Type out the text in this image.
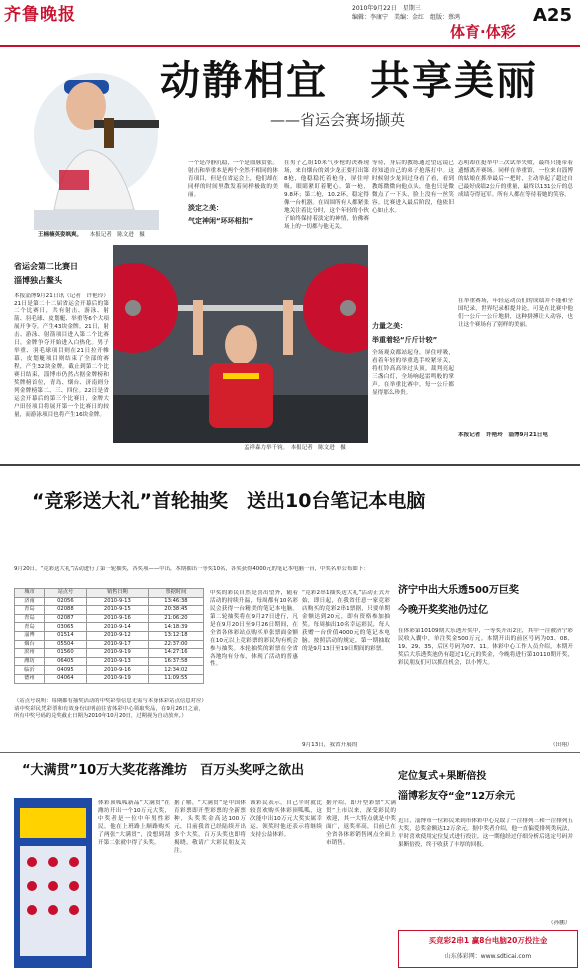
齐鲁晚报	2010年9月22日　星期三
编辑：李康宁　美编：金红　组版：蔡鸿	A25
体育·体彩
动静相宜　共享美丽
——省运会赛场撷英
王楠楠英姿飒爽。 本报记者　陈文进　摄
一个是冷静沉稳，一个是血脉贲张。射击和举重本是两个全然不相同的体育项目，但是在省运会上，他们却在同样的时间里散发着同样极致的美丽。
淡定之美：
气定神闲“环环相扣”
在男子乙组10米气步枪的决赛现场，来自烟台的刘少龙正要打出第8枪，他稳稳托着枪身，屏住呼吸，眼睛紧盯着靶心。第一枪，9.8环；第二枪，10.2环，稳定得像一台机器。在周围所有人都紧张地关注着比分时，这个年轻的小伙子始终保持着淡定的神情，仿佛赛场上的一切都与他无关。
等待，身后的教练通过望远镜已经知道自己的弟子抢落打中。这时候射少龙回过身看了看，看到教练微微向他点头，他也只是微微点了一下头，脸上没有一丝笑容。比赛进入最后阶段，他依旧心如止水。
志明却在挺举中三次试举失败，最终只能带着遗憾离开赛场。同样在举重馆，一位来自淄博的姑娘在抓举最后一把时，主动举起了超过自己最好成绩2公斤的重量，最终以131公斤的总成绩夺得冠军。所有人都在等待着她的笑容。
在举重赛场，年轻运动员们的成绩并不能和全国纪录，世界纪录相提并论，可是在比赛中他们一公斤一公斤地拼，这种拼搏让人动容，也让这个赛场有了别样的美丽。
本报记者　许艳玲　淄博9月21日电
力量之美：
举重着轻“斤斤计较”
全场观众都站起身，屏住呼吸，看着年轻的举重选手咬紧牙关，将杠铃高高举过头顶。裁判亮起三盏白灯，全场响起雷鸣般的掌声。在举重比赛中，每一公斤都显得那么珍贵。
孟祥森力举千钧。　本报记者　陈文进　摄
省运会第二比赛日
淄博独占鳌头
本报淄博9月21日讯（记者　许艳玲）21日是第二十二届省运会开幕后的第二个比赛日，共有射击、游泳、射箭、羽毛球、皮划艇、举重等6个大项展开争夺，产生43块金牌。21日，射击、游泳、射箭项目进入第二个比赛日，金牌争夺开始进入白热化。男子举重、羽毛球项目则在21日拉开帷幕，皮划艇项目则结束了全部的赛程，产生32块金牌。截止到第二个比赛日结束，淄博市仍然占据金牌榜和奖牌榜首位，青岛、烟台、济南则分列金牌榜第二、三、四位。22日是省运会开幕后的第三个比赛日，金牌大户田径项目将展开第一个比赛日的较量，而游泳项目也将产生16块金牌。
“竞彩送大礼”首轮抽奖　送出10台笔记本电脑
9月20日，“竞彩送大礼”活动进行了第一轮抽奖，各奖项——中出，本期抽出一等奖10名，各奖获得4000元的笔记本电脑一台，中奖名单公布如下：
城市	站点号	销售日期	票据时间
济南	02056	2010-9-13	13:46:38
青岛	02088	2010-9-15	20:38:45
青岛	02087	2010-9-16	21:06:20
青岛	03065	2010-9-14	14:18:39
淄博	01514	2010-9-12	13:12:18
烟台	05504	2010-9-17	22:37:00
滨州	01560	2010-9-19	14:27:16
潍坊	06405	2010-9-13	16:37:58
临沂	04095	2010-9-16	12:34:02
德州	04064	2010-9-19	11:09:55
（站点号说明：每期都有抽奖活动的中奖彩票信息无需与本身体彩站点信息对应）请中奖彩民凭彩票和有效身份证明前往省体彩中心领取奖品，在9月26日之前，所有中奖号码的兑奖截止日期为2010年10月20日，过期视为自动放弃。）
中奖的彩民自然是喜出望外，随着活动的持续升温，每周都有10名彩民会获得一台精美的笔记本电脑。第二轮抽奖将在9月27日进行，凡是在9月20日至9月26日期间，在全省各体彩站点购买单张票面金额在10元以上竞彩票的彩民均有机会参与抽奖。本轮抽奖的彩票在全省各地均有分布，体现了活动的普惠性。
“竞彩2串1抽奖送大礼”活动正式开始，即日起，在我省任意一家竞彩店购买的竞彩2串1票据，只要单期金额达到20元，即有资格参加抽奖。每周抽出10名幸运彩民，每人获赠一台价值4000元的笔记本电脑。按照活动的规定，第一期抽取的是9月13日至19日期间的彩票。
9月13日，我省开展的
济宁中出大乐透500万巨奖
今晚开奖奖池仍过亿
在体彩第10109期大乐透开奖中，一等奖开出2注，其中一注被济宁彩民收入囊中，单注奖金500万元。本期开出的前区号码为03、08、19、29、35，后区号码为07、11。体彩中心工作人员介绍，本期开奖后大乐透奖池仍有超过1亿元的奖金，今晚将进行第10110期开奖，彩民朋友们可以抓住机会，以小博大。
（田翔）
“大满贯”10万大奖花落潍坊　百万头奖呼之欲出
体彩顶呱呱新品“大满贯”在潍坊开出一个10万元大奖，中奖者是一位中年男性彩民。他在上班路上顺路购买了两张“大满贯”，没想到刮开第二张就中得了头奖。
据了解，“大满贯”是中国体育彩票即开型彩票的全新票种，头奖奖金高达100万元，目前我省已经陆续开出多个大奖，百万头奖也即将揭晓，敬请广大彩民朋友关注。
该彩民表示，自己平时就比较喜欢购买体彩顶呱呱，这次能中出10万元大奖实属幸运。领奖时他还表示将继续支持公益体彩。
据介绍，即开型彩票“大满贯”上市以来，深受彩民的欢迎，其一大特点就是中奖面广，返奖率高，目前已在全省各体彩销售网点全面上市销售。
定位复式+果断倍投
淄博彩友夺“金”12万余元
近日，淄博市一位彩民来到市体彩中心兑取了一注排列三和一注排列五大奖，总奖金额达12万余元。据中奖者介绍，他一直偏爱排列类玩法，平时喜欢使用定位复式进行投注，这一期他经过仔细分析后选定号码并果断倍投，终于收获了丰厚的回报。
（孙鹏）
买竞彩2串1 赢8台电脑20万投注金
山东体彩网：www.sdticai.com
